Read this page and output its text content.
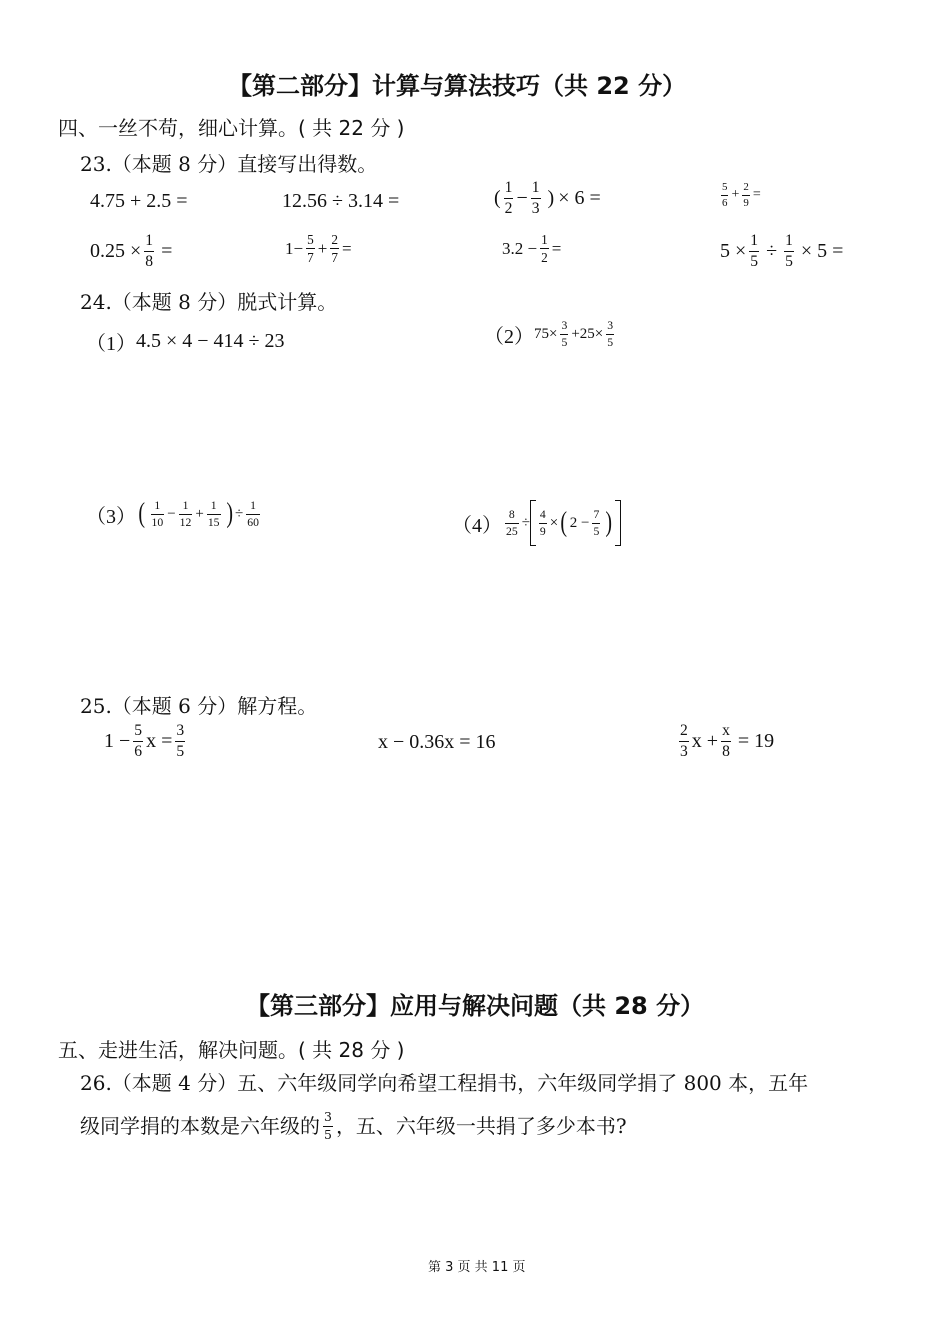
【第二部分】计算与算法技巧（共 22 分）
四、一丝不苟，细心计算。( 共 22 分 )
23.（本题 8 分）直接写出得数。
4.75 + 2.5 =	12.56 ÷ 3.14 =	( $\frac{1}{2} - \frac{1}{3}$ ) × 6 =	$\frac{5}{6} + \frac{2}{9}$ =
$0.25 \times \frac{1}{8}$ =	$1- \frac{5}{7} + \frac{2}{7}$ =	$3.2 - \frac{1}{2}$ =	$5 \times \frac{1}{5} \div \frac{1}{5} \times 5$ =
24.（本题 8 分）脱式计算。
（1） 4.5 × 4 − 414 ÷ 23	（2） $75\times \frac{3}{5} +25\times \frac{3}{5}$
（3） ( $\frac{1}{10} - \frac{1}{12} + \frac{1}{15}$ ) ÷ $\frac{1}{60}$	$(4) \frac{8}{25} \div \frac{4}{9}$ × ( $2 - \frac{7}{5}$ )
25.（本题 6 分）解方程。
$1 - \frac{5}{6}$ $x = \frac{3}{5}$	x − 0.36x = 16	$\frac{2}{3}$ $x + \frac{x}{8} = 19$
【第三部分】应用与解决问题（共 28 分）
五、走进生活，解决问题。( 共 28 分 )
26.（本题 4 分）五、六年级同学向希望工程捐书，六年级同学捐了 800 本，五年
级同学捐的本数是六年级的 $\frac{3}{5}$ ，五、六年级一共捐了多少本书?
第 3 页 共 11 页
